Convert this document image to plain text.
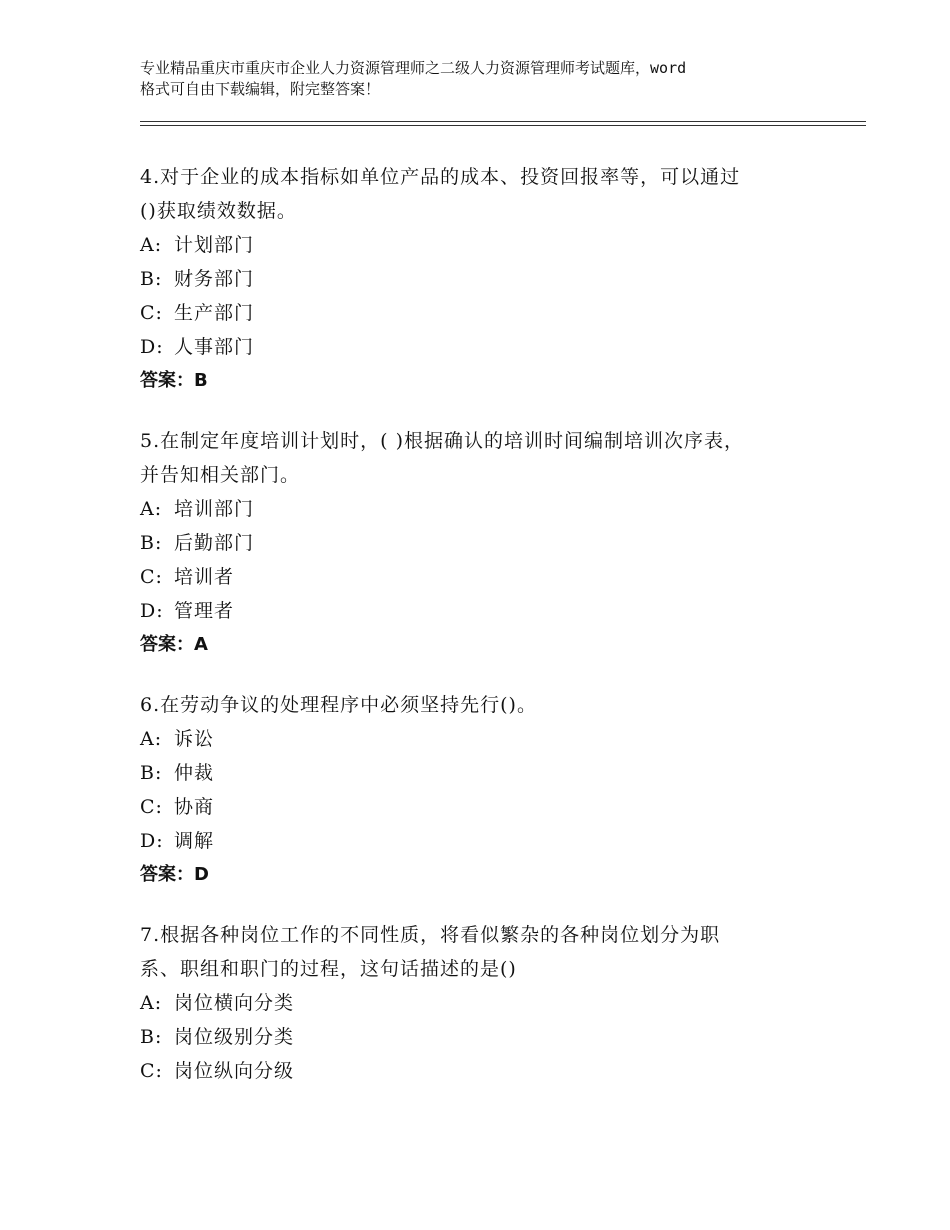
专业精品重庆市重庆市企业人力资源管理师之二级人力资源管理师考试题库，word
格式可自由下载编辑，附完整答案！
4.对于企业的成本指标如单位产品的成本、投资回报率等，可以通过
()获取绩效数据。
A: 计划部门
B: 财务部门
C: 生产部门
D: 人事部门
答案：B
5.在制定年度培训计划时，( )根据确认的培训时间编制培训次序表，
并告知相关部门。
A: 培训部门
B: 后勤部门
C: 培训者
D: 管理者
答案：A
6.在劳动争议的处理程序中必须坚持先行()。
A: 诉讼
B: 仲裁
C: 协商
D: 调解
答案：D
7.根据各种岗位工作的不同性质，将看似繁杂的各种岗位划分为职
系、职组和职门的过程，这句话描述的是()
A: 岗位横向分类
B: 岗位级别分类
C: 岗位纵向分级
